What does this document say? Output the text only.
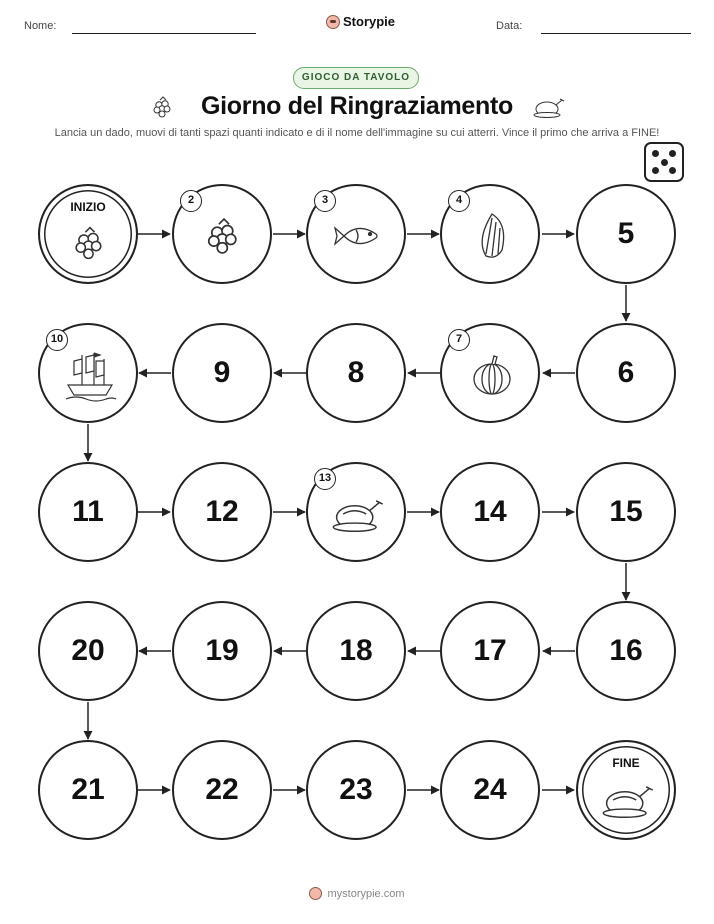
Nome:	Storypie	Data:
GIOCO DA TAVOLO
Giorno del Ringraziamento
Lancia un dado, muovi di tanti spazi quanti indicato e di il nome dell'immagine su cui atterri. Vince il primo che arriva a FINE!
INIZIO	2	3	4
5
6
7
8
9
10
11	12
13
14	15
16
17
18
19
20
21	22	23	24
FINE
mystorypie.com
